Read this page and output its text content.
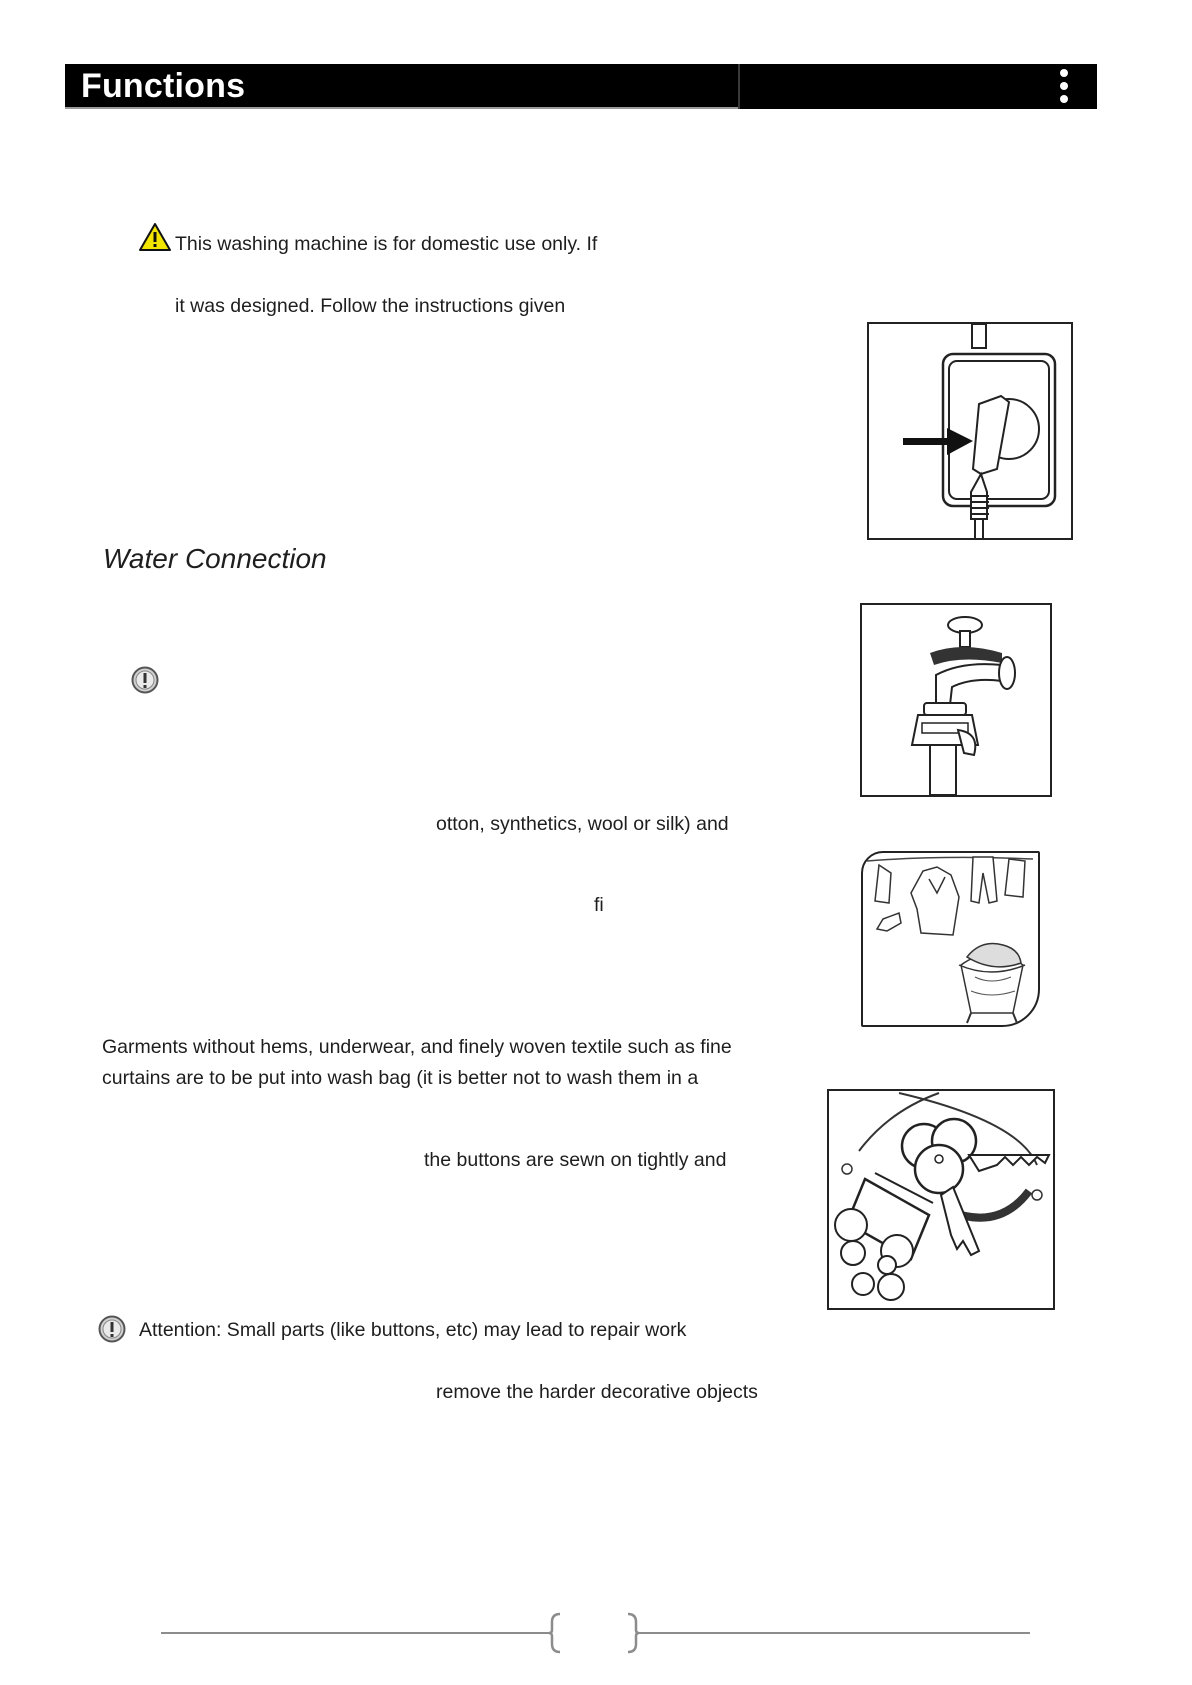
Functions
This washing machine is for domestic use only. If
it was designed. Follow the instructions given
Water Connection
otton, synthetics, wool or silk) and
fi
Garments without hems, underwear, and finely woven textile such as fine
curtains are to be put into wash bag (it is better not to wash them in a
the buttons are sewn on tightly and
Attention: Small parts (like buttons, etc) may lead to repair work
remove the harder decorative objects
